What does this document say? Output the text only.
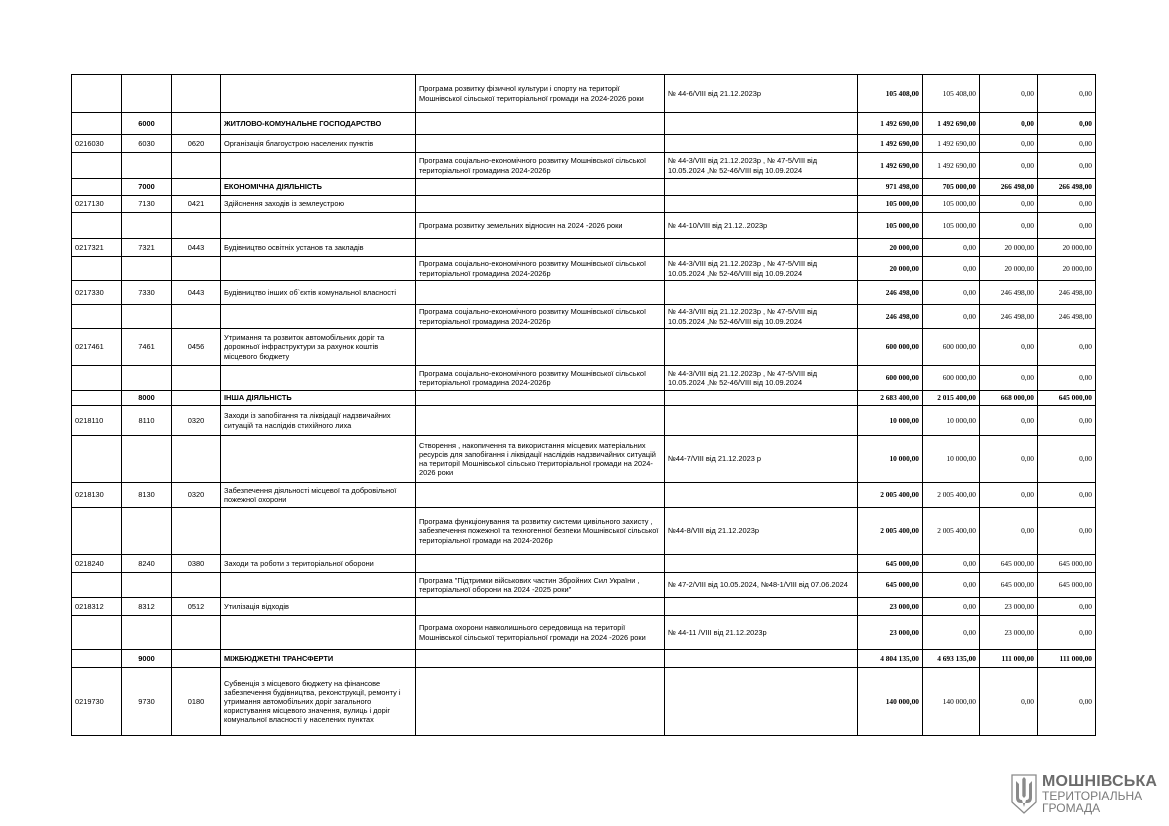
				Програма розвитку фізичної культури і спорту на території Мошнівської сільської територіальної громади на 2024-2026 роки	№ 44-6/VIII від 21.12.2023р	105 408,00	105 408,00	0,00	0,00
	6000		ЖИТЛОВО-КОМУНАЛЬНЕ ГОСПОДАРСТВО			1 492 690,00	1 492 690,00	0,00	0,00
0216030	6030	0620	Організація благоустрою населених пунктів			1 492 690,00	1 492 690,00	0,00	0,00
				Програма соціально-економічного розвитку Мошнівської сільської територіальної громадина 2024-2026р	№ 44-3/VIII від 21.12.2023р , № 47-5/VIII від 10.05.2024 ,№ 52-46/VIII від 10.09.2024	1 492 690,00	1 492 690,00	0,00	0,00
	7000		ЕКОНОМІЧНА ДІЯЛЬНІСТЬ			971 498,00	705 000,00	266 498,00	266 498,00
0217130	7130	0421	Здійснення заходів із землеустрою			105 000,00	105 000,00	0,00	0,00
				Програма розвитку земельних відносин на 2024 -2026 роки	№ 44-10/VIII від 21.12..2023р	105 000,00	105 000,00	0,00	0,00
0217321	7321	0443	Будівництво освітніх установ та закладів			20 000,00	0,00	20 000,00	20 000,00
				Програма соціально-економічного розвитку Мошнівської сільської територіальної громадина 2024-2026р	№ 44-3/VIII від 21.12.2023р , № 47-5/VIII від 10.05.2024 ,№ 52-46/VIII від 10.09.2024	20 000,00	0,00	20 000,00	20 000,00
0217330	7330	0443	Будівництво інших об`єктів комунальної власності			246 498,00	0,00	246 498,00	246 498,00
				Програма соціально-економічного розвитку Мошнівської сільської територіальної громадина 2024-2026р	№ 44-3/VIII від 21.12.2023р , № 47-5/VIII від 10.05.2024 ,№ 52-46/VIII від 10.09.2024	246 498,00	0,00	246 498,00	246 498,00
0217461	7461	0456	Утримання та розвиток автомобільних доріг та дорожньої інфраструктури за рахунок коштів місцевого бюджету			600 000,00	600 000,00	0,00	0,00
				Програма соціально-економічного розвитку Мошнівської сільської територіальної громадина 2024-2026р	№ 44-3/VIII від 21.12.2023р , № 47-5/VIII від 10.05.2024 ,№ 52-46/VIII від 10.09.2024	600 000,00	600 000,00	0,00	0,00
	8000		ІНША ДІЯЛЬНІСТЬ			2 683 400,00	2 015 400,00	668 000,00	645 000,00
0218110	8110	0320	Заходи із запобігання та ліквідації надзвичайних ситуацій та наслідків стихійного лиха			10 000,00	10 000,00	0,00	0,00
				Створення , накопичення та використання місцевих матеріальних ресурсів для запобігання і ліквідації наслідків надзвичайних ситуацій на території Мошнівської сільсько їтериторіальної громади на 2024-2026 роки	№44-7/VIII від 21.12.2023 р	10 000,00	10 000,00	0,00	0,00
0218130	8130	0320	Забезпечення діяльності місцевої та добровільної пожежної охорони			2 005 400,00	2 005 400,00	0,00	0,00
				Програма функціонування та розвитку системи цивільного захисту , забезпечення пожежної та техногенної безпеки Мошнівської сільської територіальної громади на 2024-2026р	№44-8/VIII від 21.12.2023р	2 005 400,00	2 005 400,00	0,00	0,00
0218240	8240	0380	Заходи та роботи з територіальної оборони			645 000,00	0,00	645 000,00	645 000,00
				Програма "Підтримки військових частин Збройних Сил України , територіальної оборони на 2024 -2025 роки"	№ 47-2/VIII від 10.05.2024, №48-1/VIII від 07.06.2024	645 000,00	0,00	645 000,00	645 000,00
0218312	8312	0512	Утилізація відходів			23 000,00	0,00	23 000,00	0,00
				Програма охорони навколишнього середовища на території Мошнівської сільської територіальної громади на 2024 -2026 роки	№ 44-11 /VIII від 21.12.2023р	23 000,00	0,00	23 000,00	0,00
	9000		МІЖБЮДЖЕТНІ ТРАНСФЕРТИ			4 804 135,00	4 693 135,00	111 000,00	111 000,00
0219730	9730	0180	Субвенція з місцевого бюджету на фінансове забезпечення будівництва, реконструкції, ремонту і утримання автомобільних доріг загального користування місцевого значення, вулиць і доріг комунальної власності у населених пунктах			140 000,00	140 000,00	0,00	0,00
МОШНІВСЬКА
ТЕРИТОРІАЛЬНА
ГРОМАДА
